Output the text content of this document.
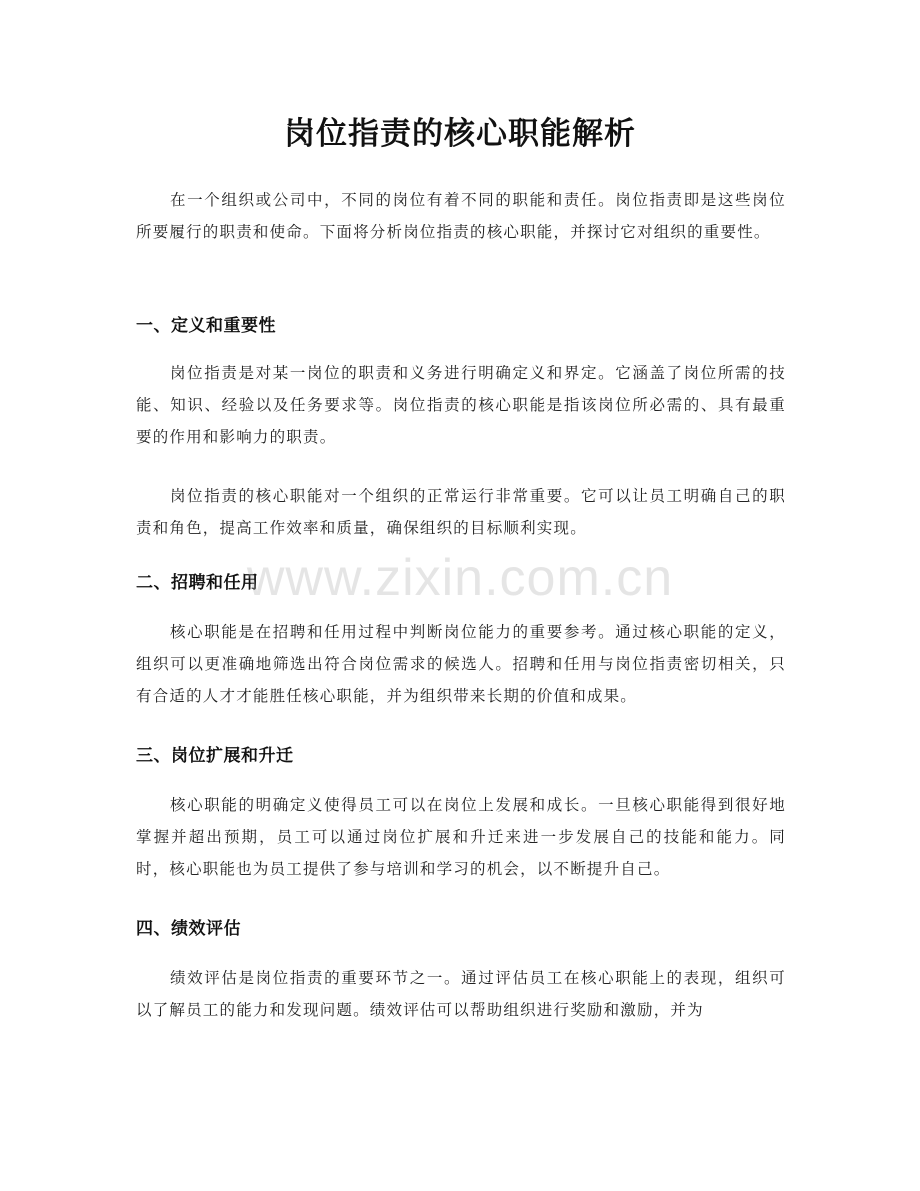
岗位指责的核心职能解析

在一个组织或公司中，不同的岗位有着不同的职能和责任。岗位指责即是这些岗位所要履行的职责和使命。下面将分析岗位指责的核心职能，并探讨它对组织的重要性。

一、定义和重要性

岗位指责是对某一岗位的职责和义务进行明确定义和界定。它涵盖了岗位所需的技能、知识、经验以及任务要求等。岗位指责的核心职能是指该岗位所必需的、具有最重要的作用和影响力的职责。

岗位指责的核心职能对一个组织的正常运行非常重要。它可以让员工明确自己的职责和角色，提高工作效率和质量，确保组织的目标顺利实现。

二、招聘和任用

核心职能是在招聘和任用过程中判断岗位能力的重要参考。通过核心职能的定义，组织可以更准确地筛选出符合岗位需求的候选人。招聘和任用与岗位指责密切相关，只有合适的人才才能胜任核心职能，并为组织带来长期的价值和成果。

三、岗位扩展和升迁

核心职能的明确定义使得员工可以在岗位上发展和成长。一旦核心职能得到很好地掌握并超出预期，员工可以通过岗位扩展和升迁来进一步发展自己的技能和能力。同时，核心职能也为员工提供了参与培训和学习的机会，以不断提升自己。

四、绩效评估

绩效评估是岗位指责的重要环节之一。通过评估员工在核心职能上的表现，组织可以了解员工的能力和发现问题。绩效评估可以帮助组织进行奖励和激励，并为

www.zixin.com.cn
